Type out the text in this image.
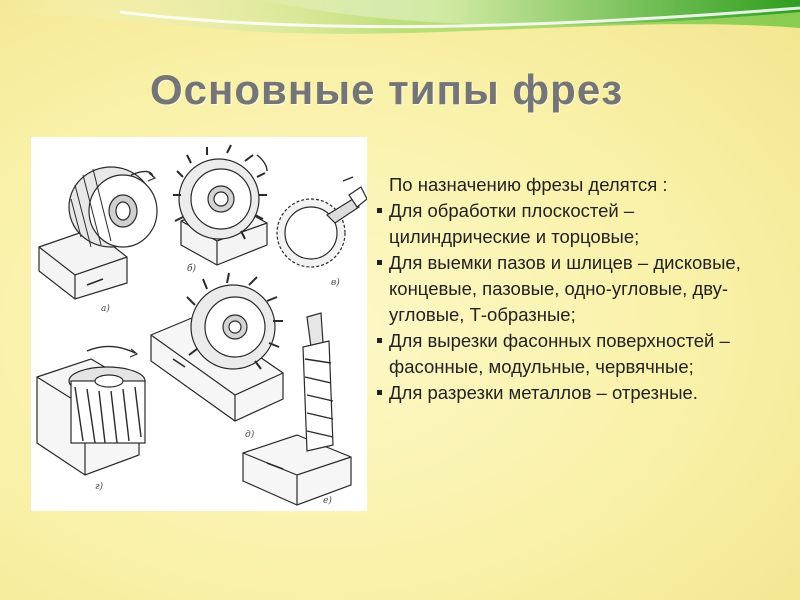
Основные типы фрез
а)
б)
в)
г)
д)
е)
По назначению фрезы делятся :
Для обработки плоскостей – цилиндрические и торцовые;
Для выемки пазов и шлицев – дисковые, концевые, пазовые, одно-угловые, дву-угловые, Т-образные;
Для вырезки фасонных поверхностей – фасонные, модульные, червячные;
Для разрезки металлов – отрезные.
